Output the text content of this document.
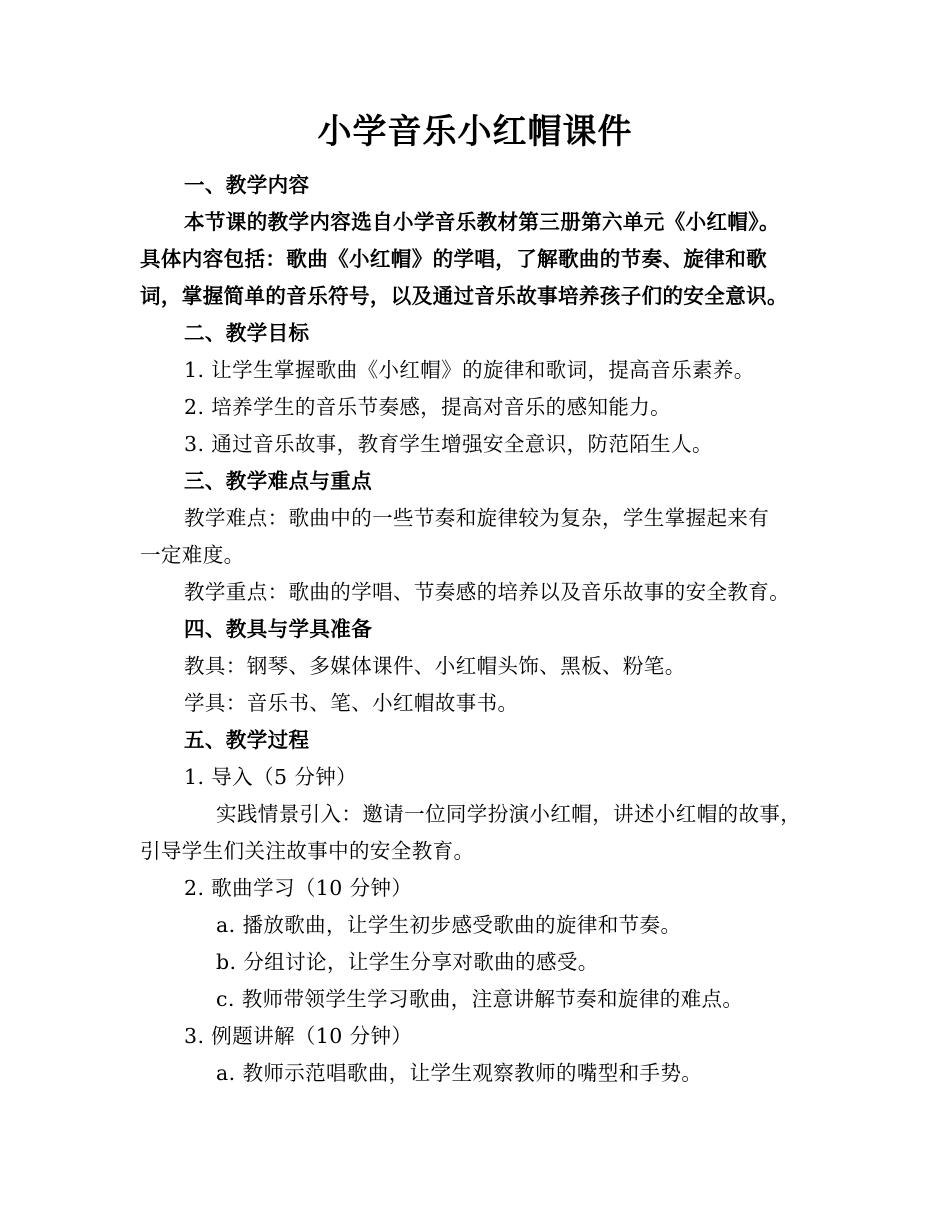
小学音乐小红帽课件
一、教学内容
本节课的教学内容选自小学音乐教材第三册第六单元《小红帽》。
具体内容包括：歌曲《小红帽》的学唱，了解歌曲的节奏、旋律和歌
词，掌握简单的音乐符号，以及通过音乐故事培养孩子们的安全意识。
二、教学目标
1. 让学生掌握歌曲《小红帽》的旋律和歌词，提高音乐素养。
2. 培养学生的音乐节奏感，提高对音乐的感知能力。
3. 通过音乐故事，教育学生增强安全意识，防范陌生人。
三、教学难点与重点
教学难点：歌曲中的一些节奏和旋律较为复杂，学生掌握起来有
一定难度。
教学重点：歌曲的学唱、节奏感的培养以及音乐故事的安全教育。
四、教具与学具准备
教具：钢琴、多媒体课件、小红帽头饰、黑板、粉笔。
学具：音乐书、笔、小红帽故事书。
五、教学过程
1. 导入（5 分钟）
实践情景引入：邀请一位同学扮演小红帽，讲述小红帽的故事，
引导学生们关注故事中的安全教育。
2. 歌曲学习（10 分钟）
a. 播放歌曲，让学生初步感受歌曲的旋律和节奏。
b. 分组讨论，让学生分享对歌曲的感受。
c. 教师带领学生学习歌曲，注意讲解节奏和旋律的难点。
3. 例题讲解（10 分钟）
a. 教师示范唱歌曲，让学生观察教师的嘴型和手势。
